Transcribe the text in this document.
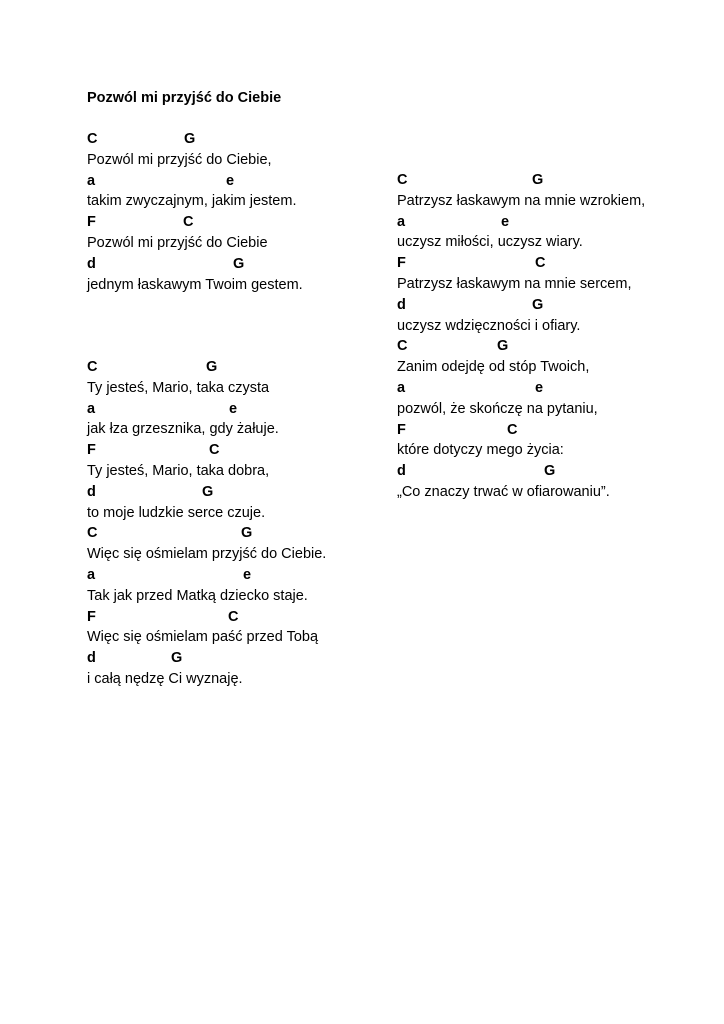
Pozwól mi przyjść do Ciebie
C	G
Pozwól mi przyjść do Ciebie,
a	e
takim zwyczajnym, jakim jestem.
F	C
Pozwól mi przyjść do Ciebie
d	G
jednym łaskawym Twoim gestem.
C	G
Ty jesteś, Mario, taka czysta
a	e
jak łza grzesznika, gdy żałuje.
F	C
Ty jesteś, Mario, taka dobra,
d	G
to moje ludzkie serce czuje.
C	G
Więc się ośmielam przyjść do Ciebie.
a	e
Tak jak przed Matką dziecko staje.
F	C
Więc się ośmielam paść przed Tobą
d	G
i całą nędzę Ci wyznaję.
C	G
Patrzysz łaskawym na mnie wzrokiem,
a	e
uczysz miłości, uczysz wiary.
F	C
Patrzysz łaskawym na mnie sercem,
d	G
uczysz wdzięczności i ofiary.
C	G
Zanim odejdę od stóp Twoich,
a	e
pozwól, że skończę na pytaniu,
F	C
które dotyczy mego życia:
d	G
„Co znaczy trwać w ofiarowaniu”.
